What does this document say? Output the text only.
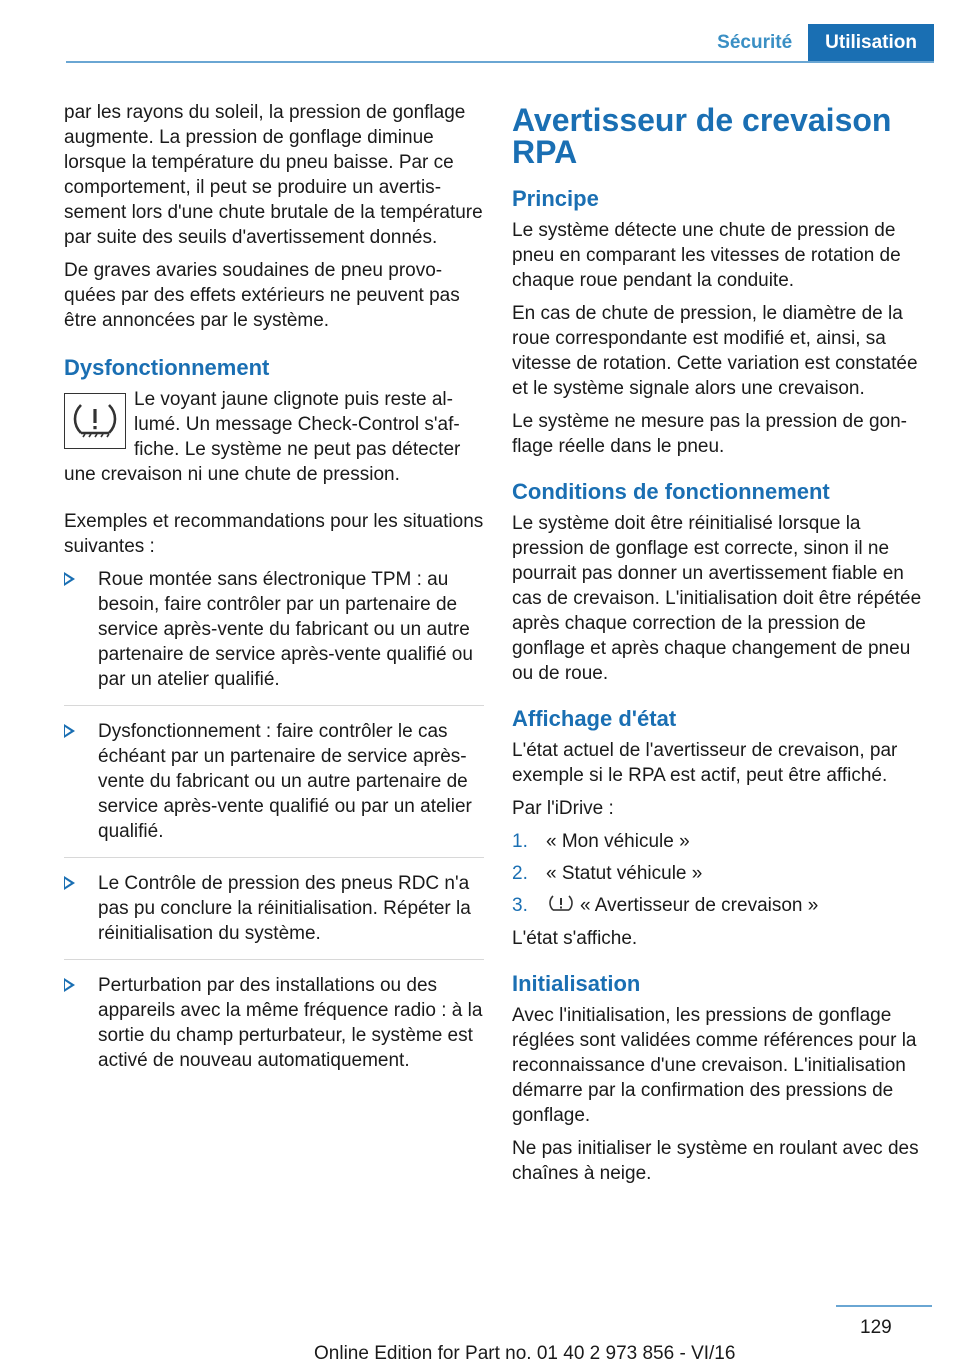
Sécurité	Utilisation

par les rayons du soleil, la pression de gonflage augmente. La pression de gonflage diminue lorsque la température du pneu baisse. Par ce comportement, il peut se produire un avertissement lors d'une chute brutale de la température par suite des seuils d'avertissement donnés.

De graves avaries soudaines de pneu provoquées par des effets extérieurs ne peuvent pas être annoncées par le système.

Dysfonctionnement
Le voyant jaune clignote puis reste allumé. Un message Check-Control s'affiche. Le système ne peut pas détecter une crevaison ni une chute de pression.

Exemples et recommandations pour les situations suivantes :

Roue montée sans électronique TPM : au besoin, faire contrôler par un partenaire de service après-vente du fabricant ou un autre partenaire de service après-vente qualifié ou par un atelier qualifié.
Dysfonctionnement : faire contrôler le cas échéant par un partenaire de service après-vente du fabricant ou un autre partenaire de service après-vente qualifié ou par un atelier qualifié.
Le Contrôle de pression des pneus RDC n'a pas pu conclure la réinitialisation. Répéter la réinitialisation du système.
Perturbation par des installations ou des appareils avec la même fréquence radio : à la sortie du champ perturbateur, le système est activé de nouveau automatiquement.
Avertisseur de crevaison RPA
Principe

Le système détecte une chute de pression de pneu en comparant les vitesses de rotation de chaque roue pendant la conduite.

En cas de chute de pression, le diamètre de la roue correspondante est modifié et, ainsi, sa vitesse de rotation. Cette variation est constatée et le système signale alors une crevaison.

Le système ne mesure pas la pression de gonflage réelle dans le pneu.

Conditions de fonctionnement

Le système doit être réinitialisé lorsque la pression de gonflage est correcte, sinon il ne pourrait pas donner un avertissement fiable en cas de crevaison. L'initialisation doit être répétée après chaque correction de la pression de gonflage et après chaque changement de pneu ou de roue.

Affichage d'état

L'état actuel de l'avertisseur de crevaison, par exemple si le RPA est actif, peut être affiché.

Par l'iDrive :

1. « Mon véhicule »
2. « Statut véhicule »
3.	« Avertisseur de crevaison »

L'état s'affiche.

Initialisation

Avec l'initialisation, les pressions de gonflage réglées sont validées comme références pour la reconnaissance d'une crevaison. L'initialisation démarre par la confirmation des pressions de gonflage.

Ne pas initialiser le système en roulant avec des chaînes à neige.

129
Online Edition for Part no. 01 40 2 973 856 - VI/16
